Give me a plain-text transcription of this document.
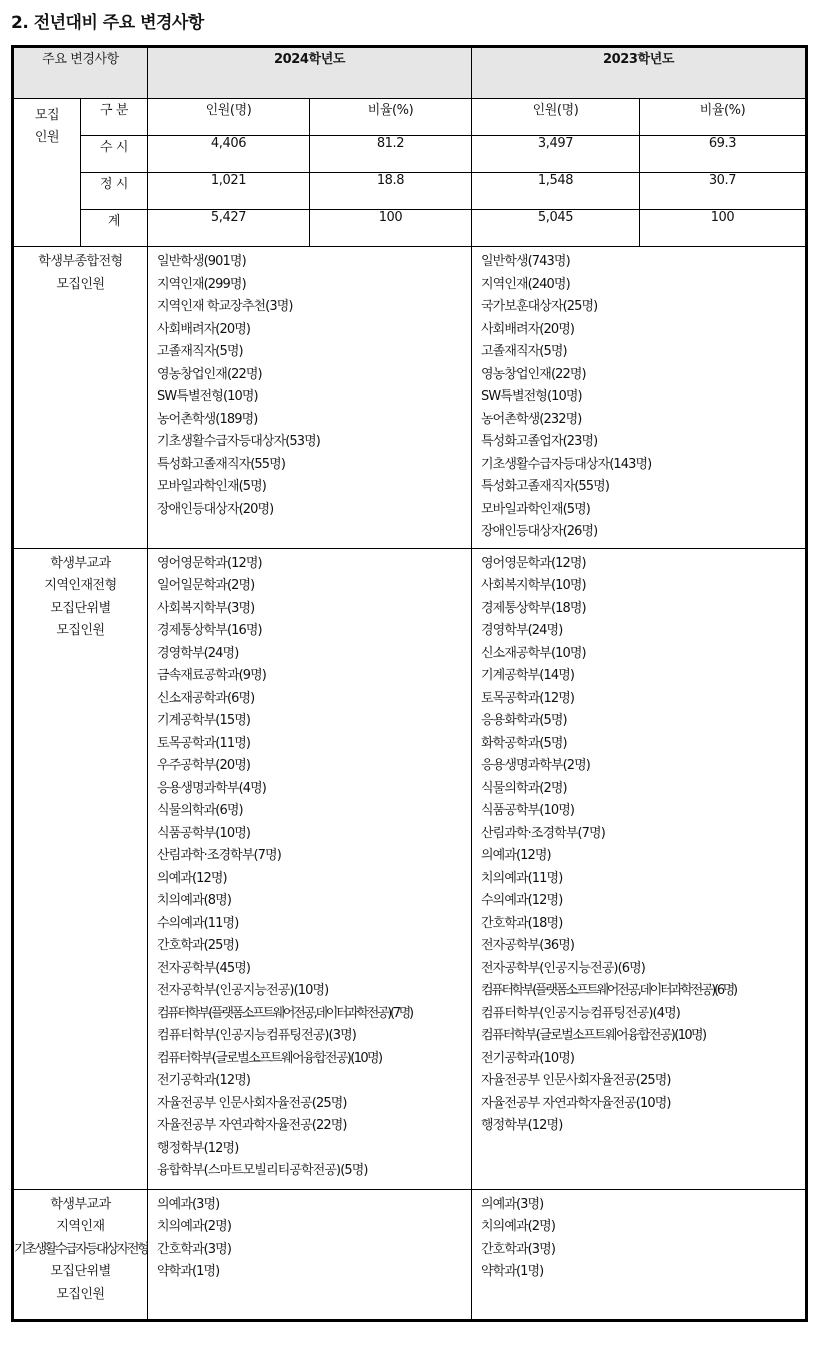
2. 전년대비 주요 변경사항
주요 변경사항		2024학년도		2023학년도	

모집
인원	구 분	인원(명)	비율(%)	인원(명)	비율(%)
	수 시	4,406	81.2	3,497	69.3
	정 시	1,021	18.8	1,548	30.7
	계	5,427	100	5,045	100

학생부종합전형
모집인원

일반학생(901명)
지역인재(299명)
지역인재 학교장추천(3명)
사회배려자(20명)
고졸재직자(5명)
영농창업인재(22명)
SW특별전형(10명)
농어촌학생(189명)
기초생활수급자등대상자(53명)
특성화고졸재직자(55명)
모바일과학인재(5명)
장애인등대상자(20명)

일반학생(743명)
지역인재(240명)
국가보훈대상자(25명)
사회배려자(20명)
고졸재직자(5명)
영농창업인재(22명)
SW특별전형(10명)
농어촌학생(232명)
특성화고졸업자(23명)
기초생활수급자등대상자(143명)
특성화고졸재직자(55명)
모바일과학인재(5명)
장애인등대상자(26명)

학생부교과
지역인재전형
모집단위별
모집인원

영어영문학과(12명)
일어일문학과(2명)
사회복지학부(3명)
경제통상학부(16명)
경영학부(24명)
금속재료공학과(9명)
신소재공학과(6명)
기계공학부(15명)
토목공학과(11명)
우주공학부(20명)
응용생명과학부(4명)
식물의학과(6명)
식품공학부(10명)
산림과학·조경학부(7명)
의예과(12명)
치의예과(8명)
수의예과(11명)
간호학과(25명)
전자공학부(45명)
전자공학부(인공지능전공)(10명)
컴퓨터학부(플랫폼소프트웨어전공,데이터과학전공)(7명)
컴퓨터학부(인공지능컴퓨팅전공)(3명)
컴퓨터학부(글로벌소프트웨어융합전공)(10명)
전기공학과(12명)
자율전공부 인문사회자율전공(25명)
자율전공부 자연과학자율전공(22명)
행정학부(12명)
융합학부(스마트모빌리티공학전공)(5명)

영어영문학과(12명)
사회복지학부(10명)
경제통상학부(18명)
경영학부(24명)
신소재공학부(10명)
기계공학부(14명)
토목공학과(12명)
응용화학과(5명)
화학공학과(5명)
응용생명과학부(2명)
식물의학과(2명)
식품공학부(10명)
산림과학·조경학부(7명)
의예과(12명)
치의예과(11명)
수의예과(12명)
간호학과(18명)
전자공학부(36명)
전자공학부(인공지능전공)(6명)
컴퓨터학부(플랫폼소프트웨어전공,데이터과학전공)(6명)
컴퓨터학부(인공지능컴퓨팅전공)(4명)
컴퓨터학부(글로벌소프트웨어융합전공)(10명)
전기공학과(10명)
자율전공부 인문사회자율전공(25명)
자율전공부 자연과학자율전공(10명)
행정학부(12명)

학생부교과
지역인재
기초생활수급자등대상자전형
모집단위별
모집인원

의예과(3명)
치의예과(2명)
간호학과(3명)
약학과(1명)

의예과(3명)
치의예과(2명)
간호학과(3명)
약학과(1명)
